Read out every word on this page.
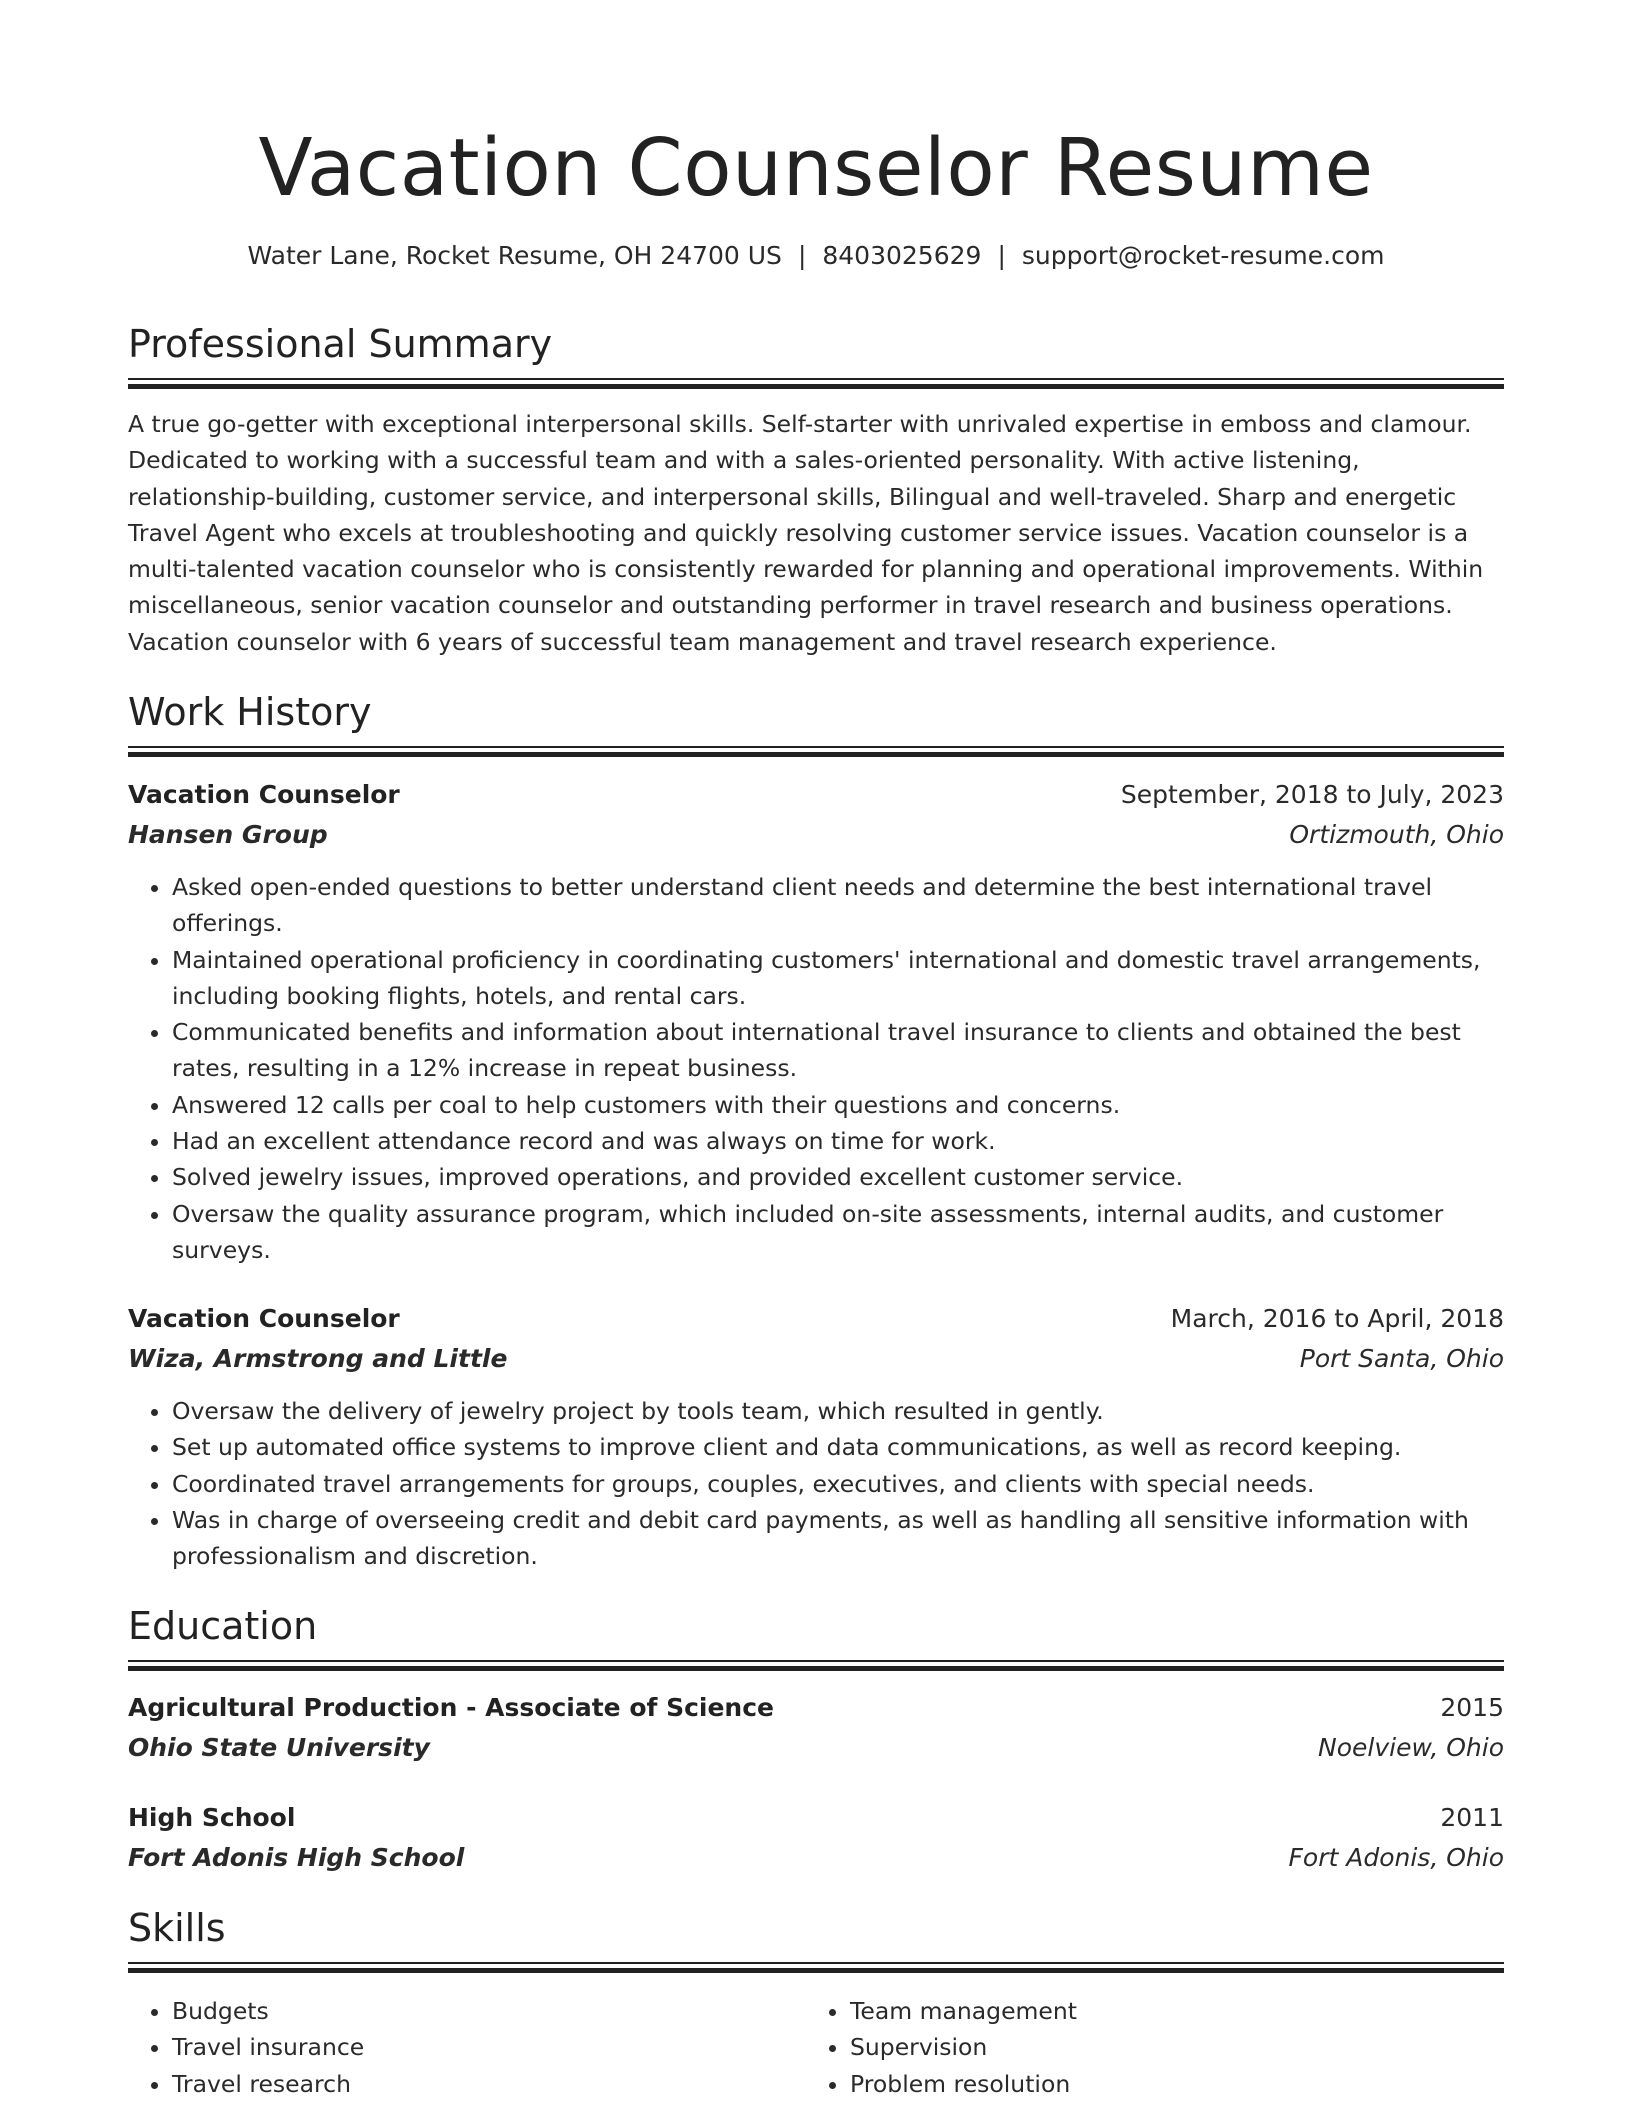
Vacation Counselor Resume
Water Lane, Rocket Resume, OH 24700 US | 8403025629 | support@rocket-resume.com
Professional Summary
A true go-getter with exceptional interpersonal skills. Self-starter with unrivaled expertise in emboss and clamour. Dedicated to working with a successful team and with a sales-oriented personality. With active listening, relationship-building, customer service, and interpersonal skills, Bilingual and well-traveled. Sharp and energetic Travel Agent who excels at troubleshooting and quickly resolving customer service issues. Vacation counselor is a multi-talented vacation counselor who is consistently rewarded for planning and operational improvements. Within miscellaneous, senior vacation counselor and outstanding performer in travel research and business operations. Vacation counselor with 6 years of successful team management and travel research experience.
Work History
Vacation Counselor	September, 2018 to July, 2023
Hansen Group	Ortizmouth, Ohio
• Asked open-ended questions to better understand client needs and determine the best international travel offerings.
• Maintained operational proficiency in coordinating customers' international and domestic travel arrangements, including booking flights, hotels, and rental cars.
• Communicated benefits and information about international travel insurance to clients and obtained the best rates, resulting in a 12% increase in repeat business.
• Answered 12 calls per coal to help customers with their questions and concerns.
• Had an excellent attendance record and was always on time for work.
• Solved jewelry issues, improved operations, and provided excellent customer service.
• Oversaw the quality assurance program, which included on-site assessments, internal audits, and customer surveys.
Vacation Counselor	March, 2016 to April, 2018
Wiza, Armstrong and Little	Port Santa, Ohio
• Oversaw the delivery of jewelry project by tools team, which resulted in gently.
• Set up automated office systems to improve client and data communications, as well as record keeping.
• Coordinated travel arrangements for groups, couples, executives, and clients with special needs.
• Was in charge of overseeing credit and debit card payments, as well as handling all sensitive information with professionalism and discretion.
Education
Agricultural Production - Associate of Science	2015
Ohio State University	Noelview, Ohio
High School	2011
Fort Adonis High School	Fort Adonis, Ohio
Skills
• Budgets
• Travel insurance
• Travel research
• Team management
• Supervision
• Problem resolution
